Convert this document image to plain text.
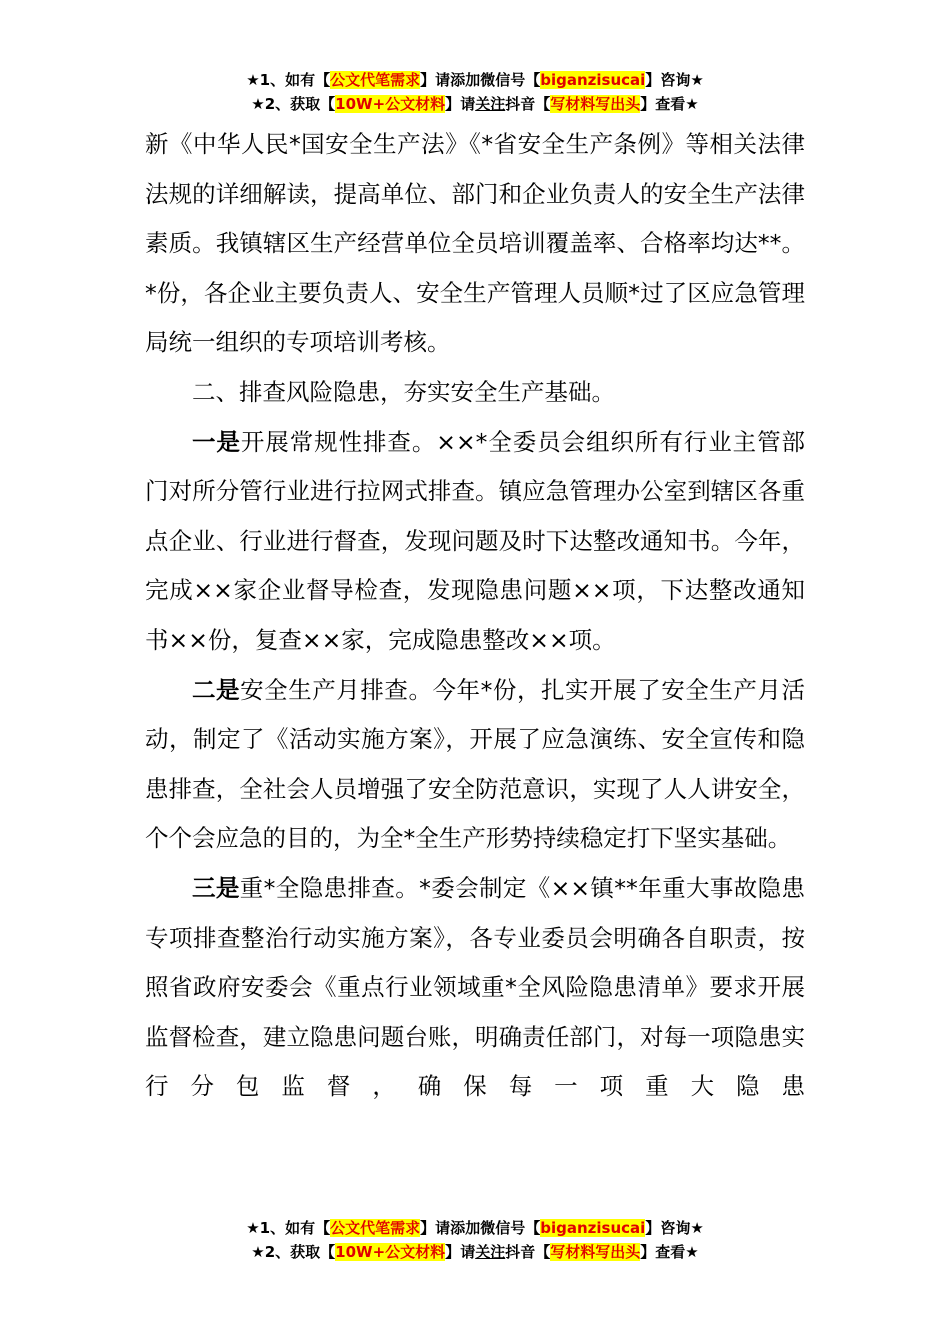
★1、如有【公文代笔需求】请添加微信号【biganzisucai】咨询★
★2、获取【10W+公文材料】请关注抖音【写材料写出头】查看★

新《中华人民*国安全生产法》《*省安全生产条例》等相关法律法规的详细解读，提高单位、部门和企业负责人的安全生产法律素质。我镇辖区生产经营单位全员培训覆盖率、合格率均达**。*份，各企业主要负责人、安全生产管理人员顺*过了区应急管理局统一组织的专项培训考核。

二、排查风险隐患，夯实安全生产基础。

一是开展常规性排查。××*全委员会组织所有行业主管部门对所分管行业进行拉网式排查。镇应急管理办公室到辖区各重点企业、行业进行督查，发现问题及时下达整改通知书。今年，完成××家企业督导检查，发现隐患问题××项，下达整改通知书××份，复查××家，完成隐患整改××项。

二是安全生产月排查。今年*份，扎实开展了安全生产月活动，制定了《活动实施方案》，开展了应急演练、安全宣传和隐患排查，全社会人员增强了安全防范意识，实现了人人讲安全，个个会应急的目的，为全*全生产形势持续稳定打下坚实基础。

三是重*全隐患排查。*委会制定《××镇**年重大事故隐患专项排查整治行动实施方案》，各专业委员会明确各自职责，按照省政府安委会《重点行业领域重*全风险隐患清单》要求开展监督检查，建立隐患问题台账，明确责任部门，对每一项隐患实行分包监督，确保每一项重大隐患

★1、如有【公文代笔需求】请添加微信号【biganzisucai】咨询★
★2、获取【10W+公文材料】请关注抖音【写材料写出头】查看★
